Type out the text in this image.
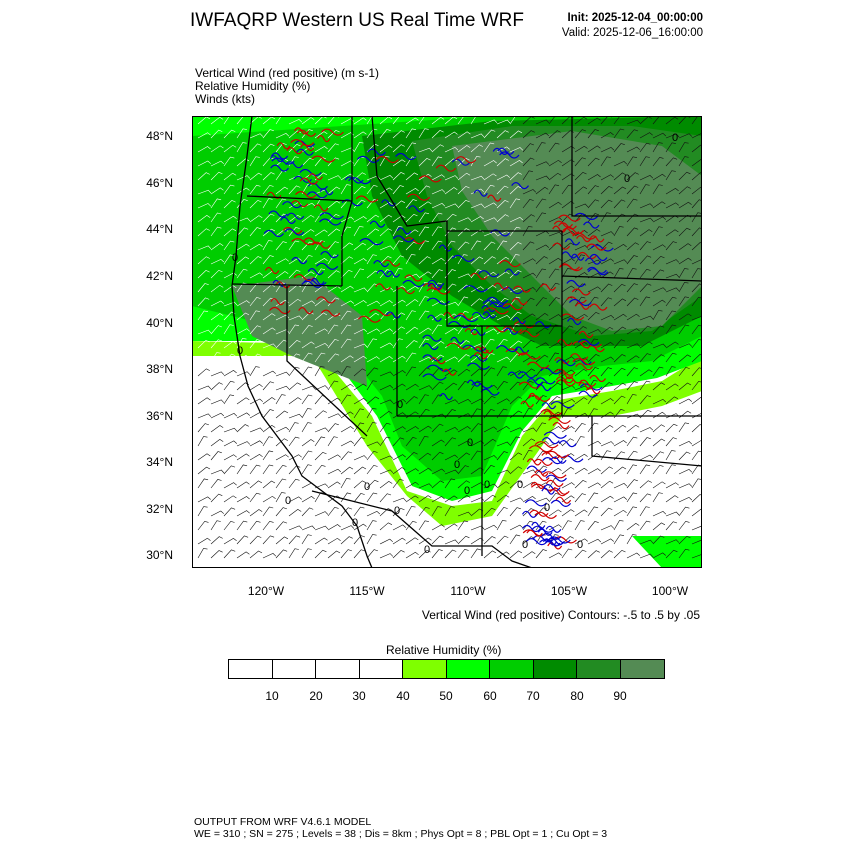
IWFAQRP Western US Real Time WRF	Init: 2025-12-04_00:00:00
Valid: 2025-12-06_16:00:00
Vertical Wind (red positive) (m s-1)
Relative Humidity (%)
Winds (kts)
0
0
0
0
0
0
0
0 0
0
0
0
0
0
0
0	0	0
48°N
46°N
44°N
42°N
40°N
38°N
36°N
34°N
32°N
30°N
120°W	115°W	110°W	105°W	100°W
Vertical Wind (red positive) Contours: -.5 to .5 by .05
Relative Humidity (%)
10	20 30	40 50	60 70	80 90
OUTPUT FROM WRF V4.6.1 MODEL
WE = 310 ; SN = 275 ; Levels = 38 ; Dis = 8km ; Phys Opt = 8 ; PBL Opt = 1 ; Cu Opt = 3
